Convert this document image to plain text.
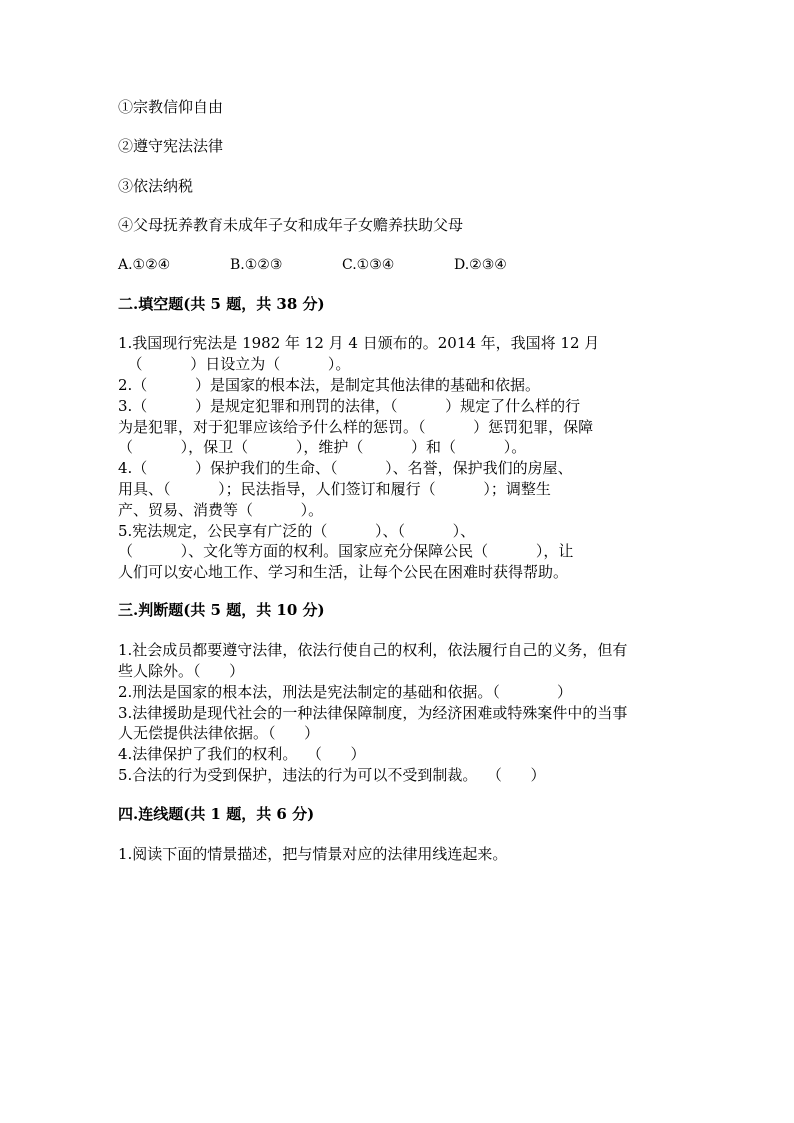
①宗教信仰自由
②遵守宪法法律
③依法纳税
④父母抚养教育未成年子女和成年子女赡养扶助父母
A.①②④	B.①②③	C.①③④	D.②③④
二.填空题(共 5 题，共 38 分)
1.我国现行宪法是 1982 年 12 月 4 日颁布的。2014 年，我国将 12 月
（          ）日设立为（          ）。
2.（          ）是国家的根本法，是制定其他法律的基础和依据。
3.（          ）是规定犯罪和刑罚的法律，（          ）规定了什么样的行
为是犯罪，对于犯罪应该给予什么样的惩罚。（          ）惩罚犯罪，保障
（          ），保卫（          ），维护（          ）和（          ）。
4.（          ）保护我们的生命、（          ）、名誉，保护我们的房屋、
用具、（          ）；民法指导，人们签订和履行（          ）；调整生
产、贸易、消费等（          ）。
5.宪法规定，公民享有广泛的（          ）、（          ）、
（          ）、文化等方面的权利。国家应充分保障公民（          ），让
人们可以安心地工作、学习和生活，让每个公民在困难时获得帮助。
三.判断题(共 5 题，共 10 分)
1.社会成员都要遵守法律，依法行使自己的权利，依法履行自己的义务，但有
些人除外。（      ）
2.刑法是国家的根本法，刑法是宪法制定的基础和依据。（            ）
3.法律援助是现代社会的一种法律保障制度，为经济困难或特殊案件中的当事
人无偿提供法律依据。（      ）
4.法律保护了我们的权利。  （      ）
5.合法的行为受到保护，违法的行为可以不受到制裁。  （      ）
四.连线题(共 1 题，共 6 分)
1.阅读下面的情景描述，把与情景对应的法律用线连起来。
